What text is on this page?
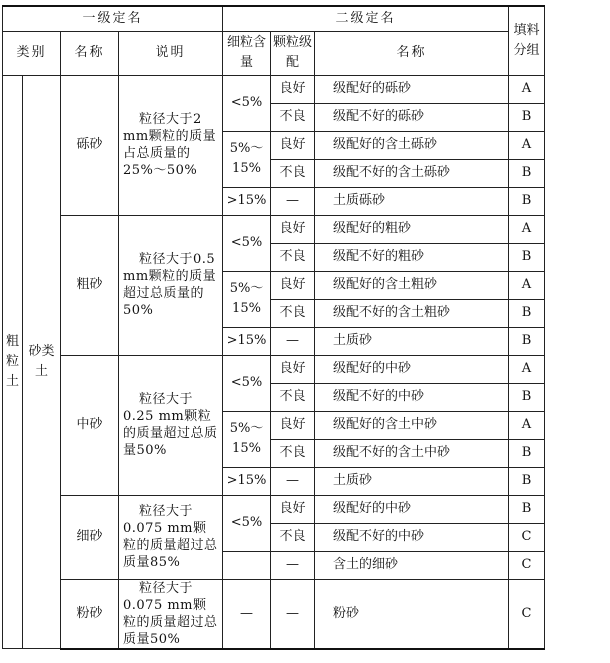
一级定名				二级定名			填料分组
类别		名称	说明	细粒含量	颗粒级配	名称	
粗粒土	砂类土	砾砂	粒径大于2 mm颗粒的质量占总质量的25%～50%	<5%	良好	级配好的砾砂	A
					不良	级配不好的砾砂	B
				5%～15%	良好	级配好的含土砾砂	A
					不良	级配不好的含土砾砂	B
				>15%	—	土质砾砂	B
		粗砂	粒径大于0.5 mm颗粒的质量超过总质量的50%	<5%	良好	级配好的粗砂	A
					不良	级配不好的粗砂	B
				5%～15%	良好	级配好的含土粗砂	A
					不良	级配不好的含土粗砂	B
				>15%	—	土质砂	B
		中砂	粒径大于0.25 mm颗粒的质量超过总质量50%	<5%	良好	级配好的中砂	A
					不良	级配不好的中砂	B
				5%～15%	良好	级配好的含土中砂	A
					不良	级配不好的含土中砂	B
				>15%	—	土质砂	B
		细砂	粒径大于0.075 mm颗粒的质量超过总质量85%	<5%	良好	级配好的中砂	B
					不良	级配不好的中砂	C
					—	含土的细砂	C
		粉砂	粒径大于0.075 mm颗粒的质量超过总质量50%	—	—	粉砂	C
